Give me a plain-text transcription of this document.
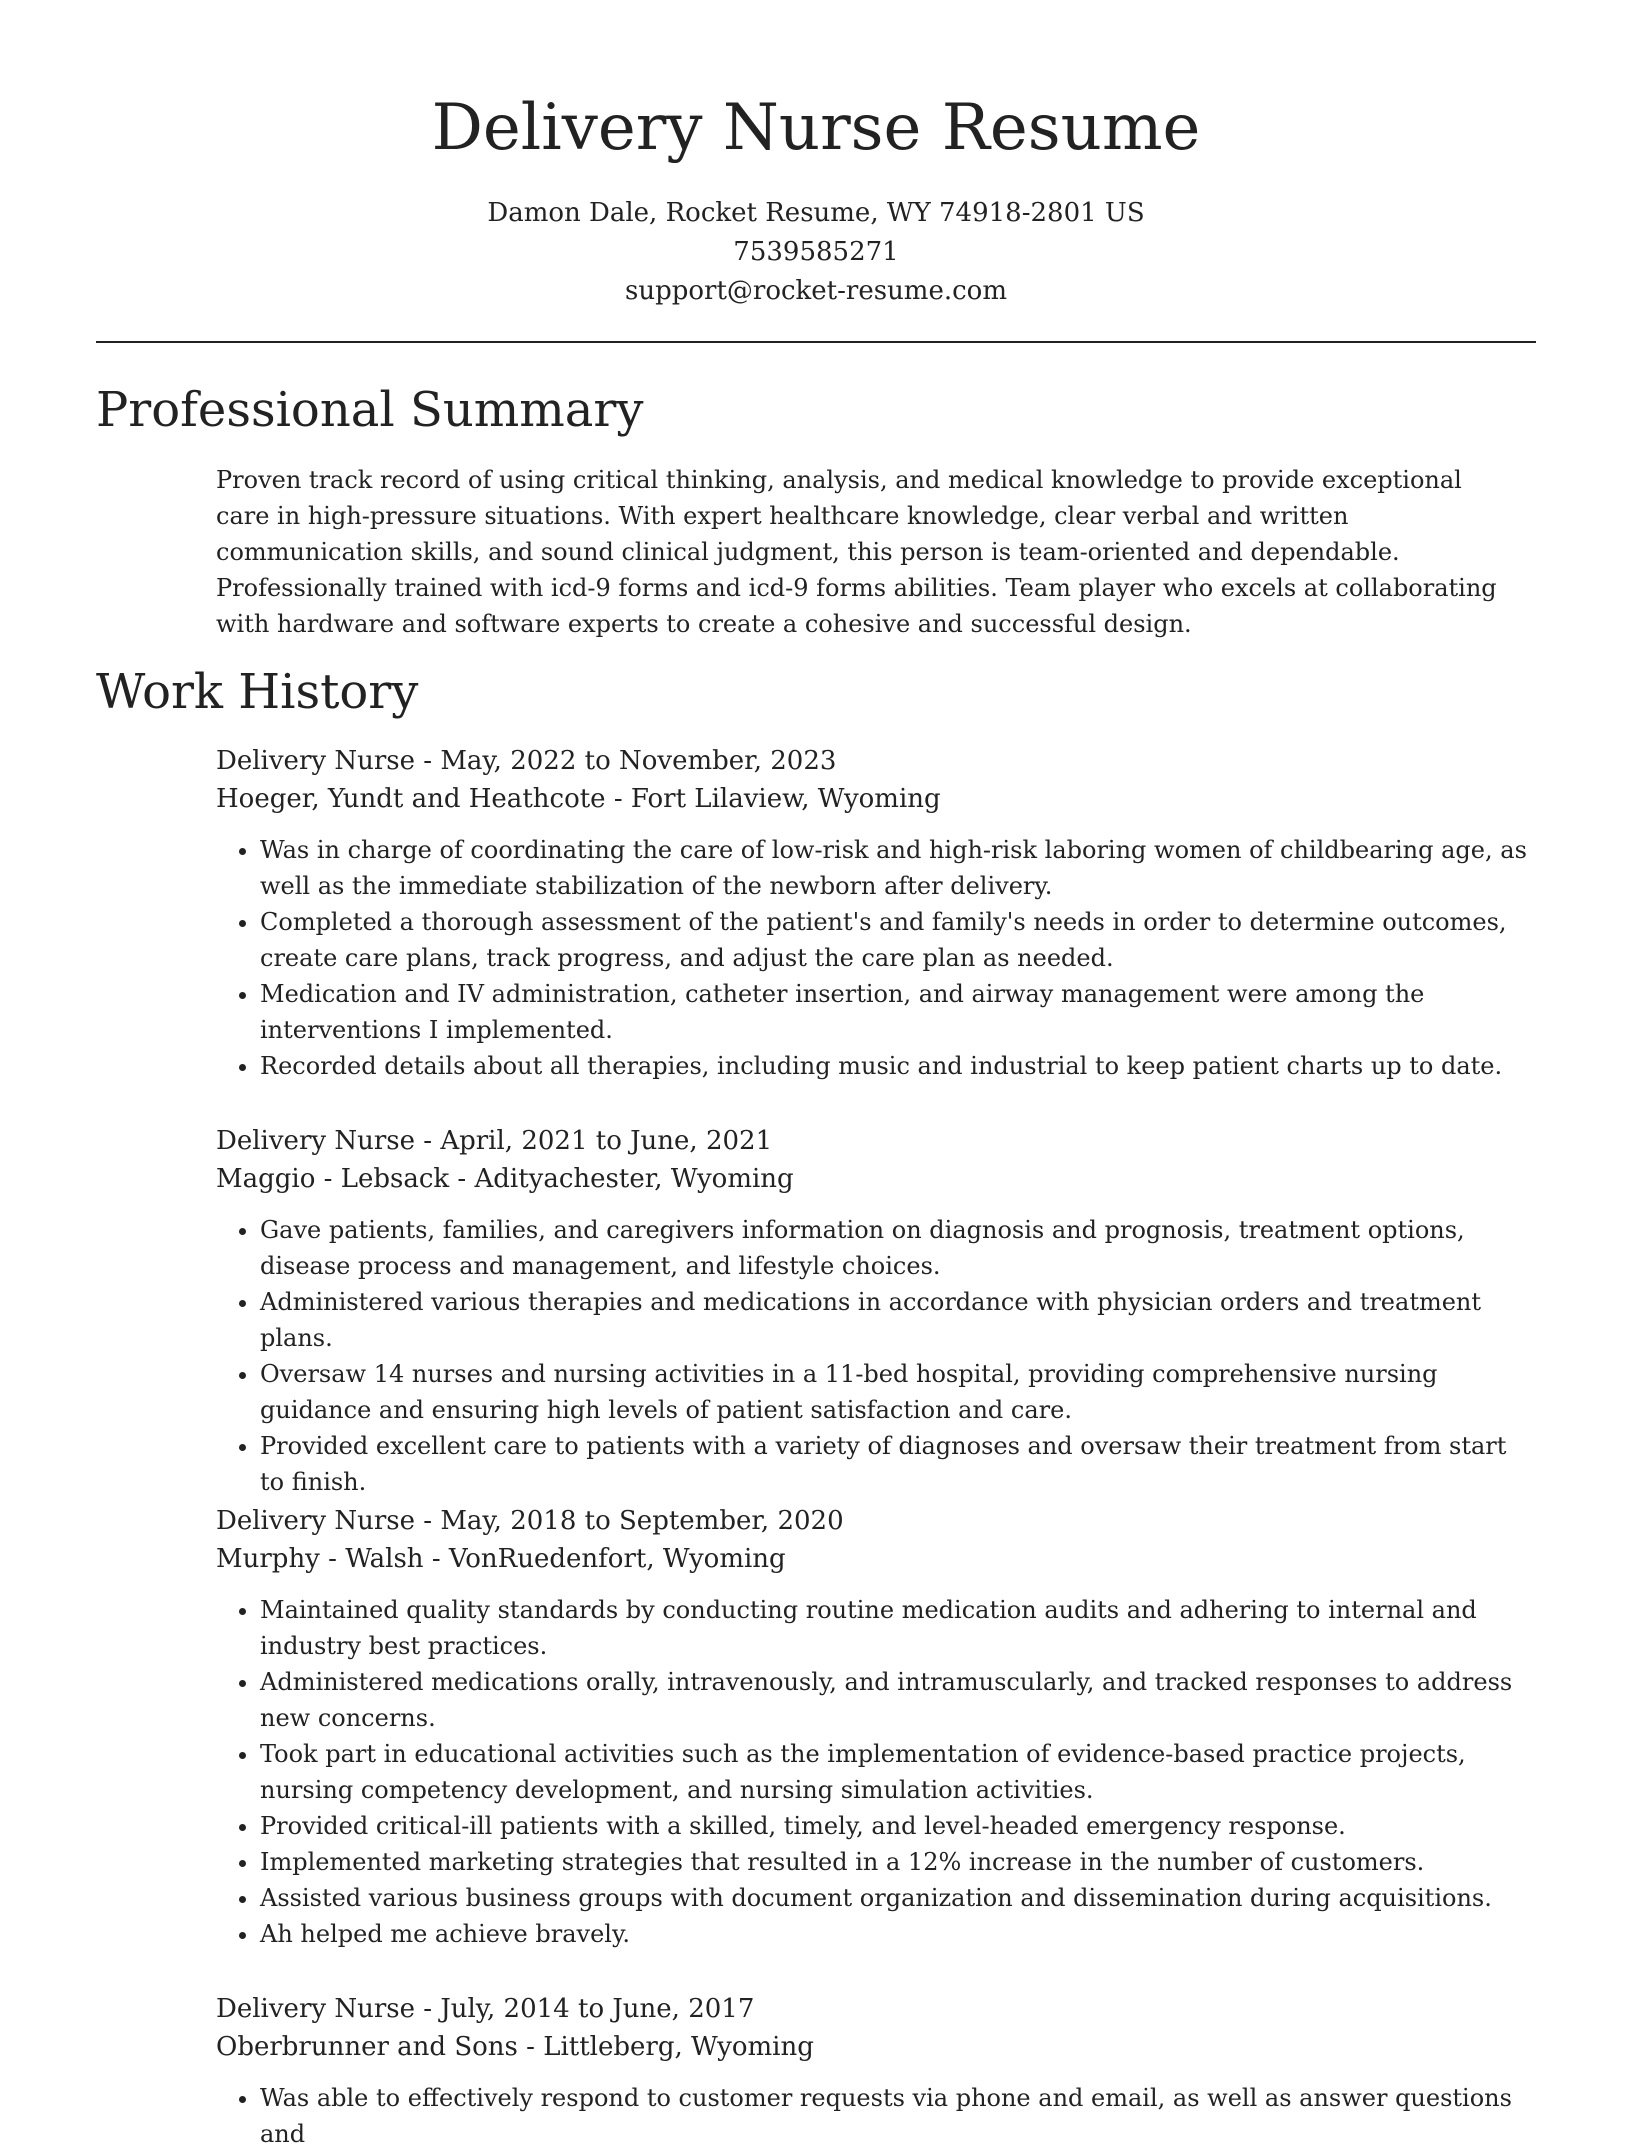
Delivery Nurse Resume

Damon Dale, Rocket Resume, WY 74918-2801 US

7539585271

support@rocket-resume.com

Professional Summary

Proven track record of using critical thinking, analysis, and medical knowledge to provide exceptional care in high-pressure situations. With expert healthcare knowledge, clear verbal and written communication skills, and sound clinical judgment, this person is team-oriented and dependable. Professionally trained with icd-9 forms and icd-9 forms abilities. Team player who excels at collaborating with hardware and software experts to create a cohesive and successful design.

Work History

Delivery Nurse - May, 2022 to November, 2023

Hoeger, Yundt and Heathcote - Fort Lilaview, Wyoming

• Was in charge of coordinating the care of low-risk and high-risk laboring women of childbearing age, as well as the immediate stabilization of the newborn after delivery.
• Completed a thorough assessment of the patient's and family's needs in order to determine outcomes, create care plans, track progress, and adjust the care plan as needed.
• Medication and IV administration, catheter insertion, and airway management were among the interventions I implemented.
• Recorded details about all therapies, including music and industrial to keep patient charts up to date.

Delivery Nurse - April, 2021 to June, 2021

Maggio - Lebsack - Adityachester, Wyoming

• Gave patients, families, and caregivers information on diagnosis and prognosis, treatment options, disease process and management, and lifestyle choices.
• Administered various therapies and medications in accordance with physician orders and treatment plans.
• Oversaw 14 nurses and nursing activities in a 11-bed hospital, providing comprehensive nursing guidance and ensuring high levels of patient satisfaction and care.
• Provided excellent care to patients with a variety of diagnoses and oversaw their treatment from start to finish.

Delivery Nurse - May, 2018 to September, 2020

Murphy - Walsh - VonRuedenfort, Wyoming

• Maintained quality standards by conducting routine medication audits and adhering to internal and industry best practices.
• Administered medications orally, intravenously, and intramuscularly, and tracked responses to address new concerns.
• Took part in educational activities such as the implementation of evidence-based practice projects, nursing competency development, and nursing simulation activities.
• Provided critical-ill patients with a skilled, timely, and level-headed emergency response.
• Implemented marketing strategies that resulted in a 12% increase in the number of customers.
• Assisted various business groups with document organization and dissemination during acquisitions.
• Ah helped me achieve bravely.

Delivery Nurse - July, 2014 to June, 2017

Oberbrunner and Sons - Littleberg, Wyoming

• Was able to effectively respond to customer requests via phone and email, as well as answer questions and
